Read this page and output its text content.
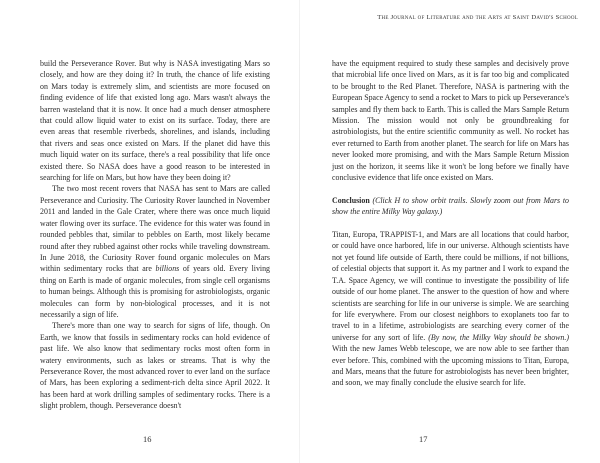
build the Perseverance Rover. But why is NASA investigating Mars so closely, and how are they doing it? In truth, the chance of life existing on Mars today is extremely slim, and scientists are more focused on finding evidence of life that existed long ago. Mars wasn't always the barren wasteland that it is now. It once had a much denser atmosphere that could allow liquid water to exist on its surface. Today, there are even areas that resemble riverbeds, shorelines, and islands, including that rivers and seas once existed on Mars. If the planet did have this much liquid water on its surface, there's a real possibility that life once existed there. So NASA does have a good reason to be interested in searching for life on Mars, but how have they been doing it?

The two most recent rovers that NASA has sent to Mars are called Perseverance and Curiosity. The Curiosity Rover launched in November 2011 and landed in the Gale Crater, where there was once much liquid water flowing over its surface. The evidence for this water was found in rounded pebbles that, similar to pebbles on Earth, most likely became round after they rubbed against other rocks while traveling downstream. In June 2018, the Curiosity Rover found organic molecules on Mars within sedimentary rocks that are billions of years old. Every living thing on Earth is made of organic molecules, from single cell organisms to human beings. Although this is promising for astrobiologists, organic molecules can form by non-biological processes, and it is not necessarily a sign of life.

There's more than one way to search for signs of life, though. On Earth, we know that fossils in sedimentary rocks can hold evidence of past life. We also know that sedimentary rocks most often form in watery environments, such as lakes or streams. That is why the Perseverance Rover, the most advanced rover to ever land on the surface of Mars, has been exploring a sediment-rich delta since April 2022. It has been hard at work drilling samples of sedimentary rocks. There is a slight problem, though. Perseverance doesn't

16
The Journal of Literature and the Arts at Saint David's School

have the equipment required to study these samples and decisively prove that microbial life once lived on Mars, as it is far too big and complicated to be brought to the Red Planet. Therefore, NASA is partnering with the European Space Agency to send a rocket to Mars to pick up Perseverance's samples and fly them back to Earth. This is called the Mars Sample Return Mission. The mission would not only be groundbreaking for astrobiologists, but the entire scientific community as well. No rocket has ever returned to Earth from another planet. The search for life on Mars has never looked more promising, and with the Mars Sample Return Mission just on the horizon, it seems like it won't be long before we finally have conclusive evidence that life once existed on Mars.

Conclusion (Click H to show orbit trails. Slowly zoom out from Mars to show the entire Milky Way galaxy.)

Titan, Europa, TRAPPIST-1, and Mars are all locations that could harbor, or could have once harbored, life in our universe. Although scientists have not yet found life outside of Earth, there could be millions, if not billions, of celestial objects that support it. As my partner and I work to expand the T.A. Space Agency, we will continue to investigate the possibility of life outside of our home planet. The answer to the question of how and where scientists are searching for life in our universe is simple. We are searching for life everywhere. From our closest neighbors to exoplanets too far to travel to in a lifetime, astrobiologists are searching every corner of the universe for any sort of life. (By now, the Milky Way should be shown.) With the new James Webb telescope, we are now able to see farther than ever before. This, combined with the upcoming missions to Titan, Europa, and Mars, means that the future for astrobiologists has never been brighter, and soon, we may finally conclude the elusive search for life.

17
